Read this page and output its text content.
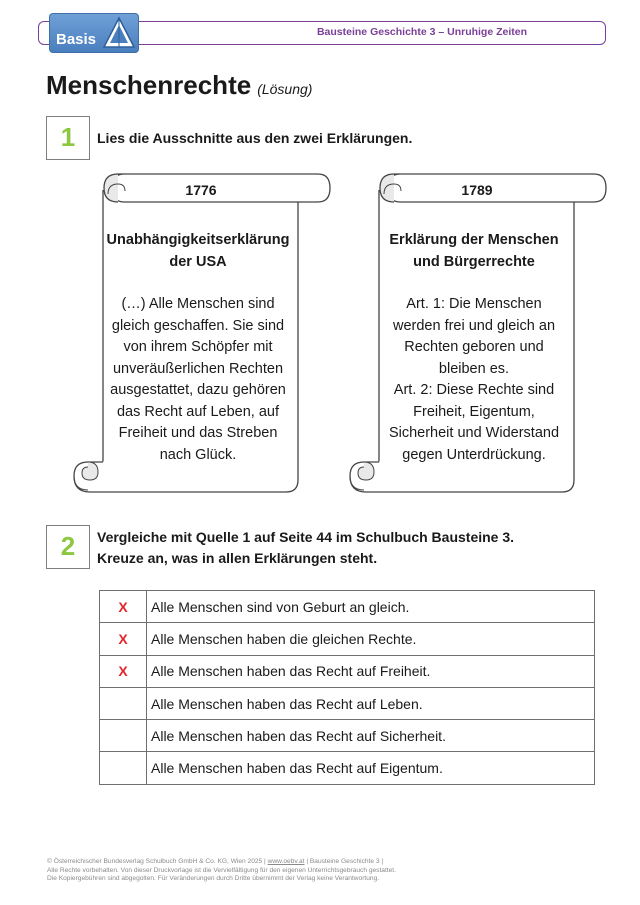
Bausteine Geschichte 3 – Unruhige Zeiten
Basis
Menschenrechte (Lösung)
1	Lies die Ausschnitte aus den zwei Erklärungen.
1776
Unabhängigkeitserklärung
der USA
(…) Alle Menschen sind
gleich geschaffen. Sie sind
von ihrem Schöpfer mit
unveräußerlichen Rechten
ausgestattet, dazu gehören
das Recht auf Leben, auf
Freiheit und das Streben
nach Glück.
1789
Erklärung der Menschen
und Bürgerrechte
Art. 1: Die Menschen
werden frei und gleich an
Rechten geboren und
bleiben es.
Art. 2: Diese Rechte sind
Freiheit, Eigentum,
Sicherheit und Widerstand
gegen Unterdrückung.
2	Vergleiche mit Quelle 1 auf Seite 44 im Schulbuch Bausteine 3.
Kreuze an, was in allen Erklärungen steht.
X	Alle Menschen sind von Geburt an gleich.
X	Alle Menschen haben die gleichen Rechte.
X	Alle Menschen haben das Recht auf Freiheit.
	Alle Menschen haben das Recht auf Leben.
	Alle Menschen haben das Recht auf Sicherheit.
	Alle Menschen haben das Recht auf Eigentum.
© Österreichischer Bundesverlag Schulbuch GmbH & Co. KG, Wien 2025 | www.oebv.at | Bausteine Geschichte 3 |
Alle Rechte vorbehalten. Von dieser Druckvorlage ist die Vervielfältigung für den eigenen Unterrichtsgebrauch gestattet.
Die Kopiergebühren sind abgegolten. Für Veränderungen durch Dritte übernimmt der Verlag keine Verantwortung.
